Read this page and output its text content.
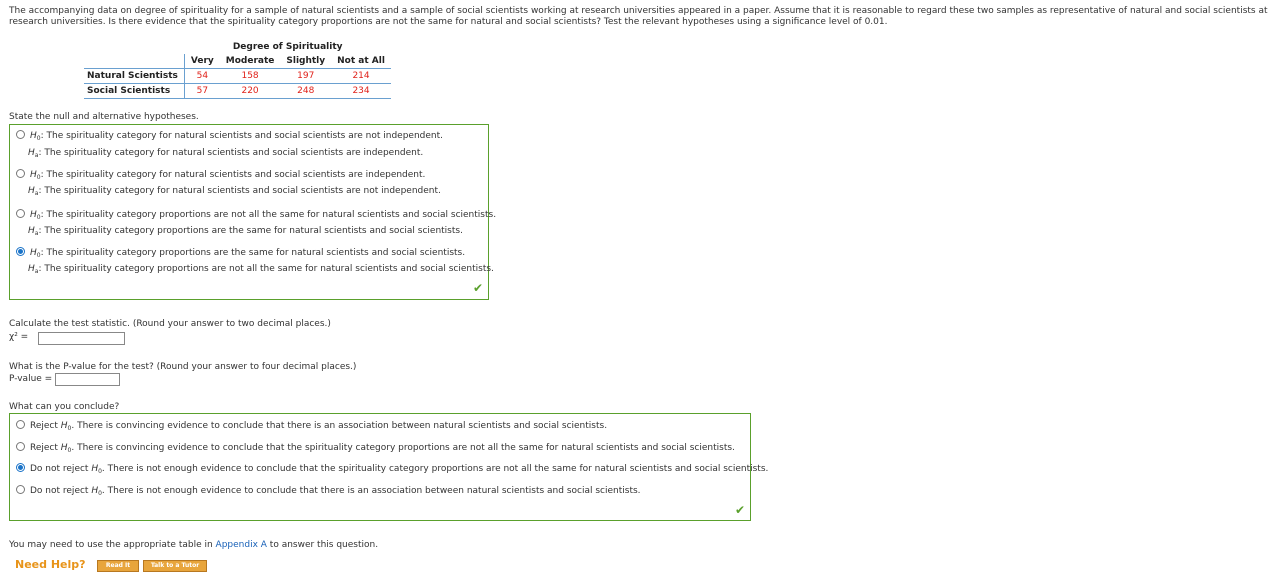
The accompanying data on degree of spirituality for a sample of natural scientists and a sample of social scientists working at research universities appeared in a paper. Assume that it is reasonable to regard these two samples as representative of natural and social scientists at research universities. Is there evidence that the spirituality category proportions are not the same for natural and social scientists? Test the relevant hypotheses using a significance level of 0.01.
	Degree of Spirituality			
	Very	Moderate	Slightly	Not at All
Natural Scientists	54	158	197	214
Social Scientists	57	220	248	234
State the null and alternative hypotheses.
$H_0$: The spirituality category for natural scientists and social scientists are not independent.
$H_a$: The spirituality category for natural scientists and social scientists are independent.
$H_0$: The spirituality category for natural scientists and social scientists are independent.
$H_a$: The spirituality category for natural scientists and social scientists are not independent.
$H_0$: The spirituality category proportions are not all the same for natural scientists and social scientists.
$H_a$: The spirituality category proportions are the same for natural scientists and social scientists.
$H_0$: The spirituality category proportions are the same for natural scientists and social scientists.
$H_a$: The spirituality category proportions are not all the same for natural scientists and social scientists.
✔
Calculate the test statistic. (Round your answer to two decimal places.)
χ² =
What is the P-value for the test? (Round your answer to four decimal places.)
P-value =
What can you conclude?
Reject $H_0$. There is convincing evidence to conclude that there is an association between natural scientists and social scientists.
Reject $H_0$. There is convincing evidence to conclude that the spirituality category proportions are not all the same for natural scientists and social scientists.
Do not reject $H_0$. There is not enough evidence to conclude that the spirituality category proportions are not all the same for natural scientists and social scientists.
Do not reject $H_0$. There is not enough evidence to conclude that there is an association between natural scientists and social scientists.
✔
You may need to use the appropriate table in Appendix A to answer this question.
Need Help?	Read It	Talk to a Tutor
